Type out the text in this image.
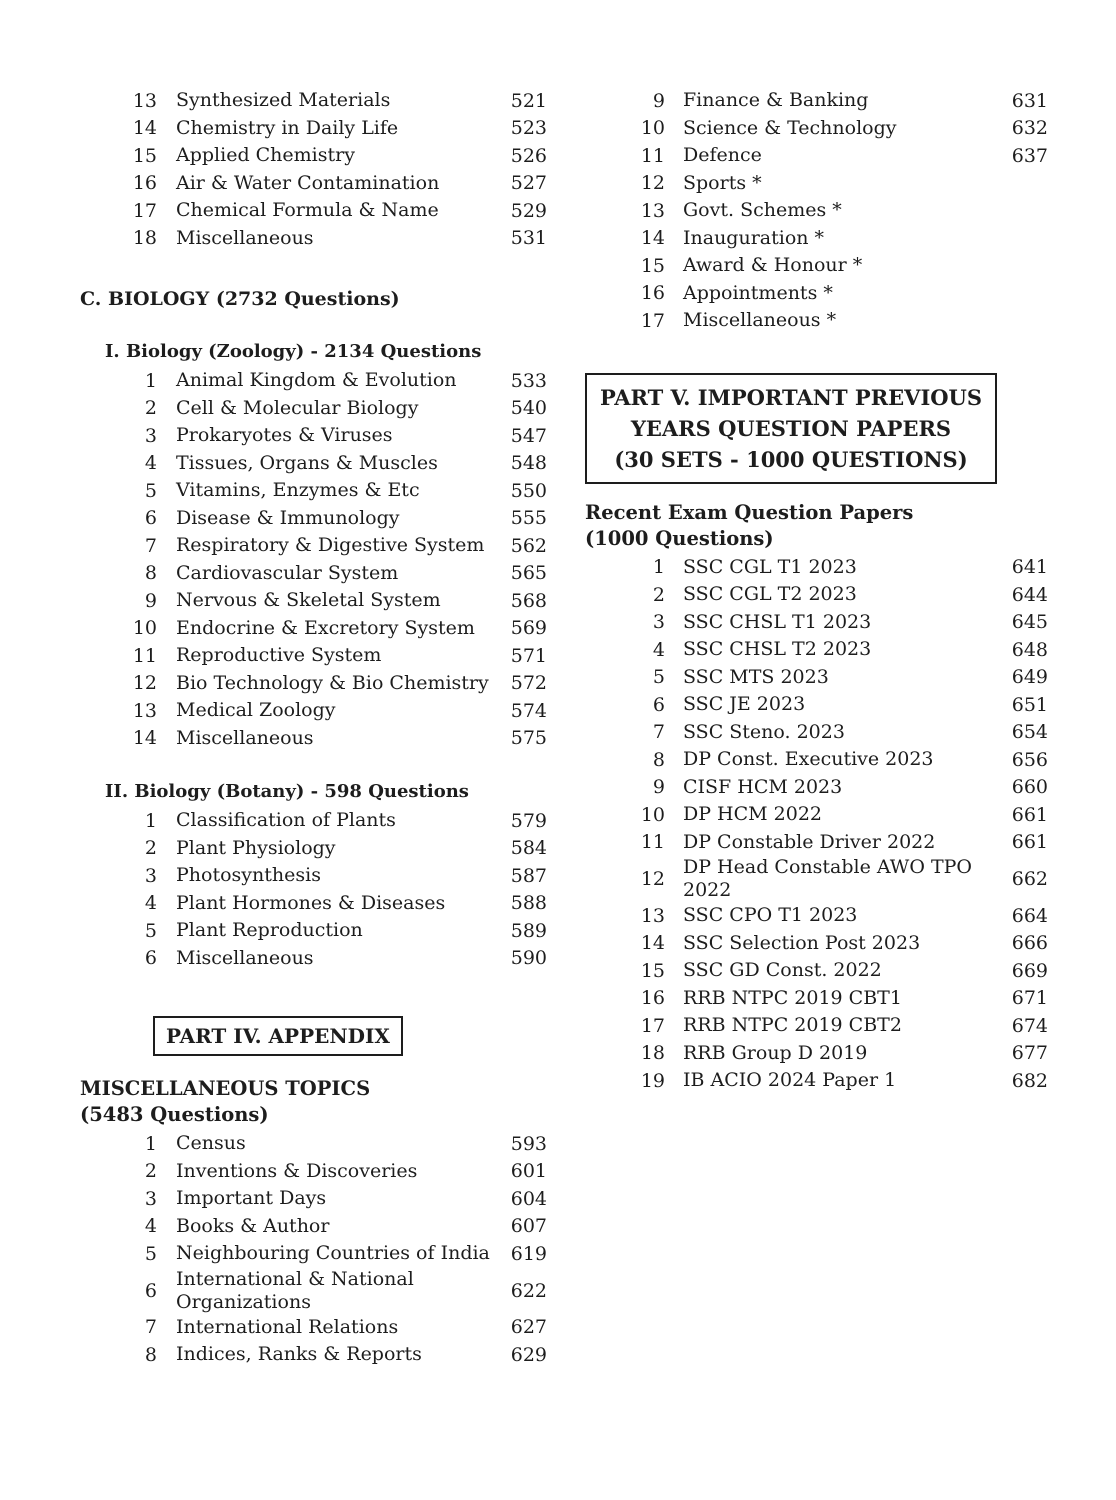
13	Synthesized Materials	521
14	Chemistry in Daily Life	523
15	Applied Chemistry	526
16	Air & Water Contamination	527
17	Chemical Formula & Name	529
18	Miscellaneous	531
C. BIOLOGY (2732 Questions)
I. Biology (Zoology) - 2134 Questions
1	Animal Kingdom & Evolution	533
2	Cell & Molecular Biology	540
3	Prokaryotes & Viruses	547
4	Tissues, Organs & Muscles	548
5	Vitamins, Enzymes & Etc	550
6	Disease & Immunology	555
7	Respiratory & Digestive System	562
8	Cardiovascular System	565
9	Nervous & Skeletal System	568
10	Endocrine & Excretory System	569
11	Reproductive System	571
12	Bio Technology & Bio Chemistry	572
13	Medical Zoology	574
14	Miscellaneous	575
II. Biology (Botany) - 598 Questions
1	Classification of Plants	579
2	Plant Physiology	584
3	Photosynthesis	587
4	Plant Hormones & Diseases	588
5	Plant Reproduction	589
6	Miscellaneous	590
PART IV. APPENDIX
MISCELLANEOUS TOPICS
(5483 Questions)
1	Census	593
2	Inventions & Discoveries	601
3	Important Days	604
4	Books & Author	607
5	Neighbouring Countries of India	619
6
International & National Organizations	622
7	International Relations	627
8	Indices, Ranks & Reports	629
9 Finance & Banking	631
10 Science & Technology	632
11 Defence	637
12 Sports *
13 Govt. Schemes *
14 Inauguration *
15 Award & Honour *
16 Appointments *
17 Miscellaneous *
PART V. IMPORTANT PREVIOUS
YEARS QUESTION PAPERS
(30 SETS - 1000 QUESTIONS)
Recent Exam Question Papers
(1000 Questions)
1 SSC CGL T1 2023	641
2 SSC CGL T2 2023	644
3 SSC CHSL T1 2023	645
4 SSC CHSL T2 2023	648
5 SSC MTS 2023	649
6 SSC JE 2023	651
7 SSC Steno. 2023	654
8 DP Const. Executive 2023	656
9 CISF HCM 2023	660
10 DP HCM 2022	661
11 DP Constable Driver 2022	661
12
DP Head Constable AWO TPO 2022	662
13 SSC CPO T1 2023	664
14 SSC Selection Post 2023	666
15 SSC GD Const. 2022	669
16 RRB NTPC 2019 CBT1	671
17 RRB NTPC 2019 CBT2	674
18 RRB Group D 2019	677
19 IB ACIO 2024 Paper 1	682
